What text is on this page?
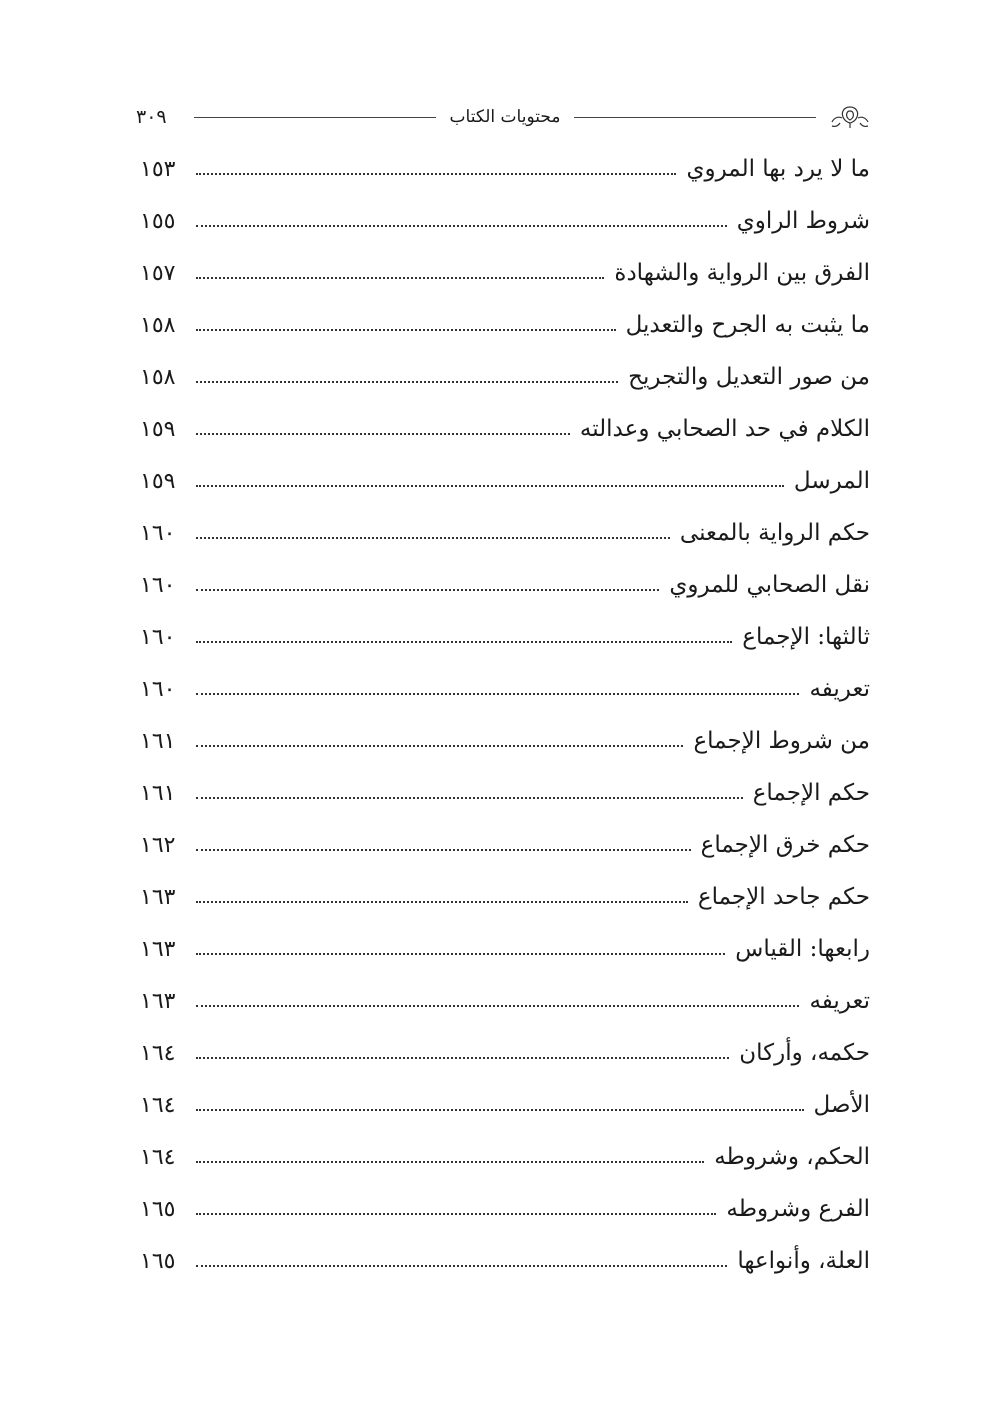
محتويات الكتاب
٣٠٩
ما لا يرد بها المروي
١٥٣
شروط الراوي
١٥٥
الفرق بين الرواية والشهادة
١٥٧
ما يثبت به الجرح والتعديل
١٥٨
من صور التعديل والتجريح
١٥٨
الكلام في حد الصحابي وعدالته
١٥٩
المرسل
١٥٩
حكم الرواية بالمعنى
١٦٠
نقل الصحابي للمروي
١٦٠
ثالثها: الإجماع
١٦٠
تعريفه
١٦٠
من شروط الإجماع
١٦١
حكم الإجماع
١٦١
حكم خرق الإجماع
١٦٢
حكم جاحد الإجماع
١٦٣
رابعها: القياس
١٦٣
تعريفه
١٦٣
حكمه، وأركان
١٦٤
الأصل
١٦٤
الحكم، وشروطه
١٦٤
الفرع وشروطه
١٦٥
العلة، وأنواعها
١٦٥
